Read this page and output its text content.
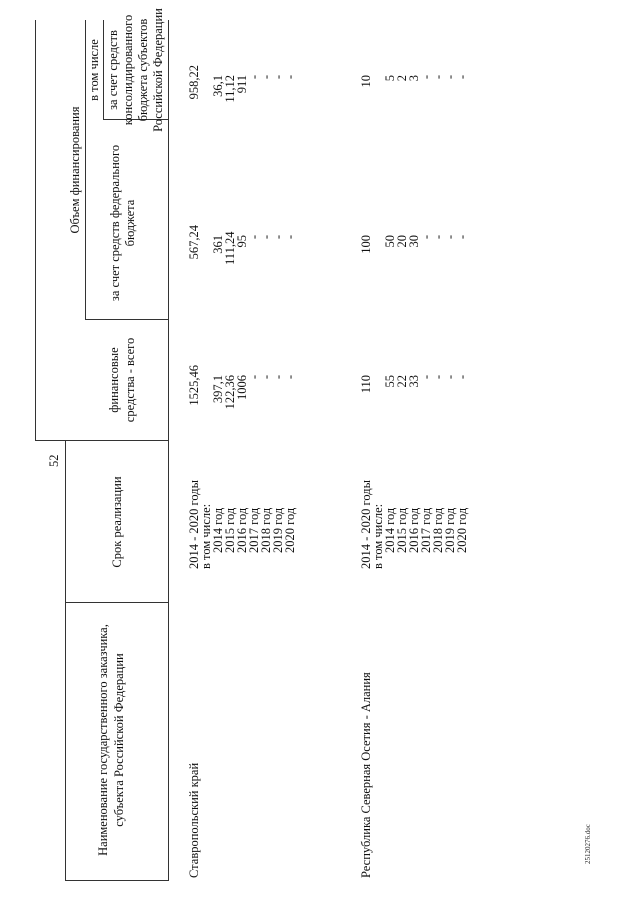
52
Наименование государственного заказчика, субъекта Российской Федерации
Срок реализации
Объем финансирования
финансовые средства - всего
в том числе
за счет средств федерального бюджета
за счет средств консолидированного бюджета субъектов Российской Федерации
Ставропольский край
2014 - 2020 годы
в том числе:
1525,46
567,24
958,22
2014 год
397,1
361
36,1
2015 год
122,36
111,24
11,12
2016 год
1006
95
911
2017 год
-
-
-
2018 год
-
-
-
2019 год
-
-
-
2020 год
-
-
-
Республика Северная Осетия - Алания
2014 - 2020 годы
в том числе:
110
100
10
2014 год
55
50
5
2015 год
22
20
2
2016 год
33
30
3
2017 год
-
-
-
2018 год
-
-
-
2019 год
-
-
-
2020 год
-
-
-
25120276.doc
